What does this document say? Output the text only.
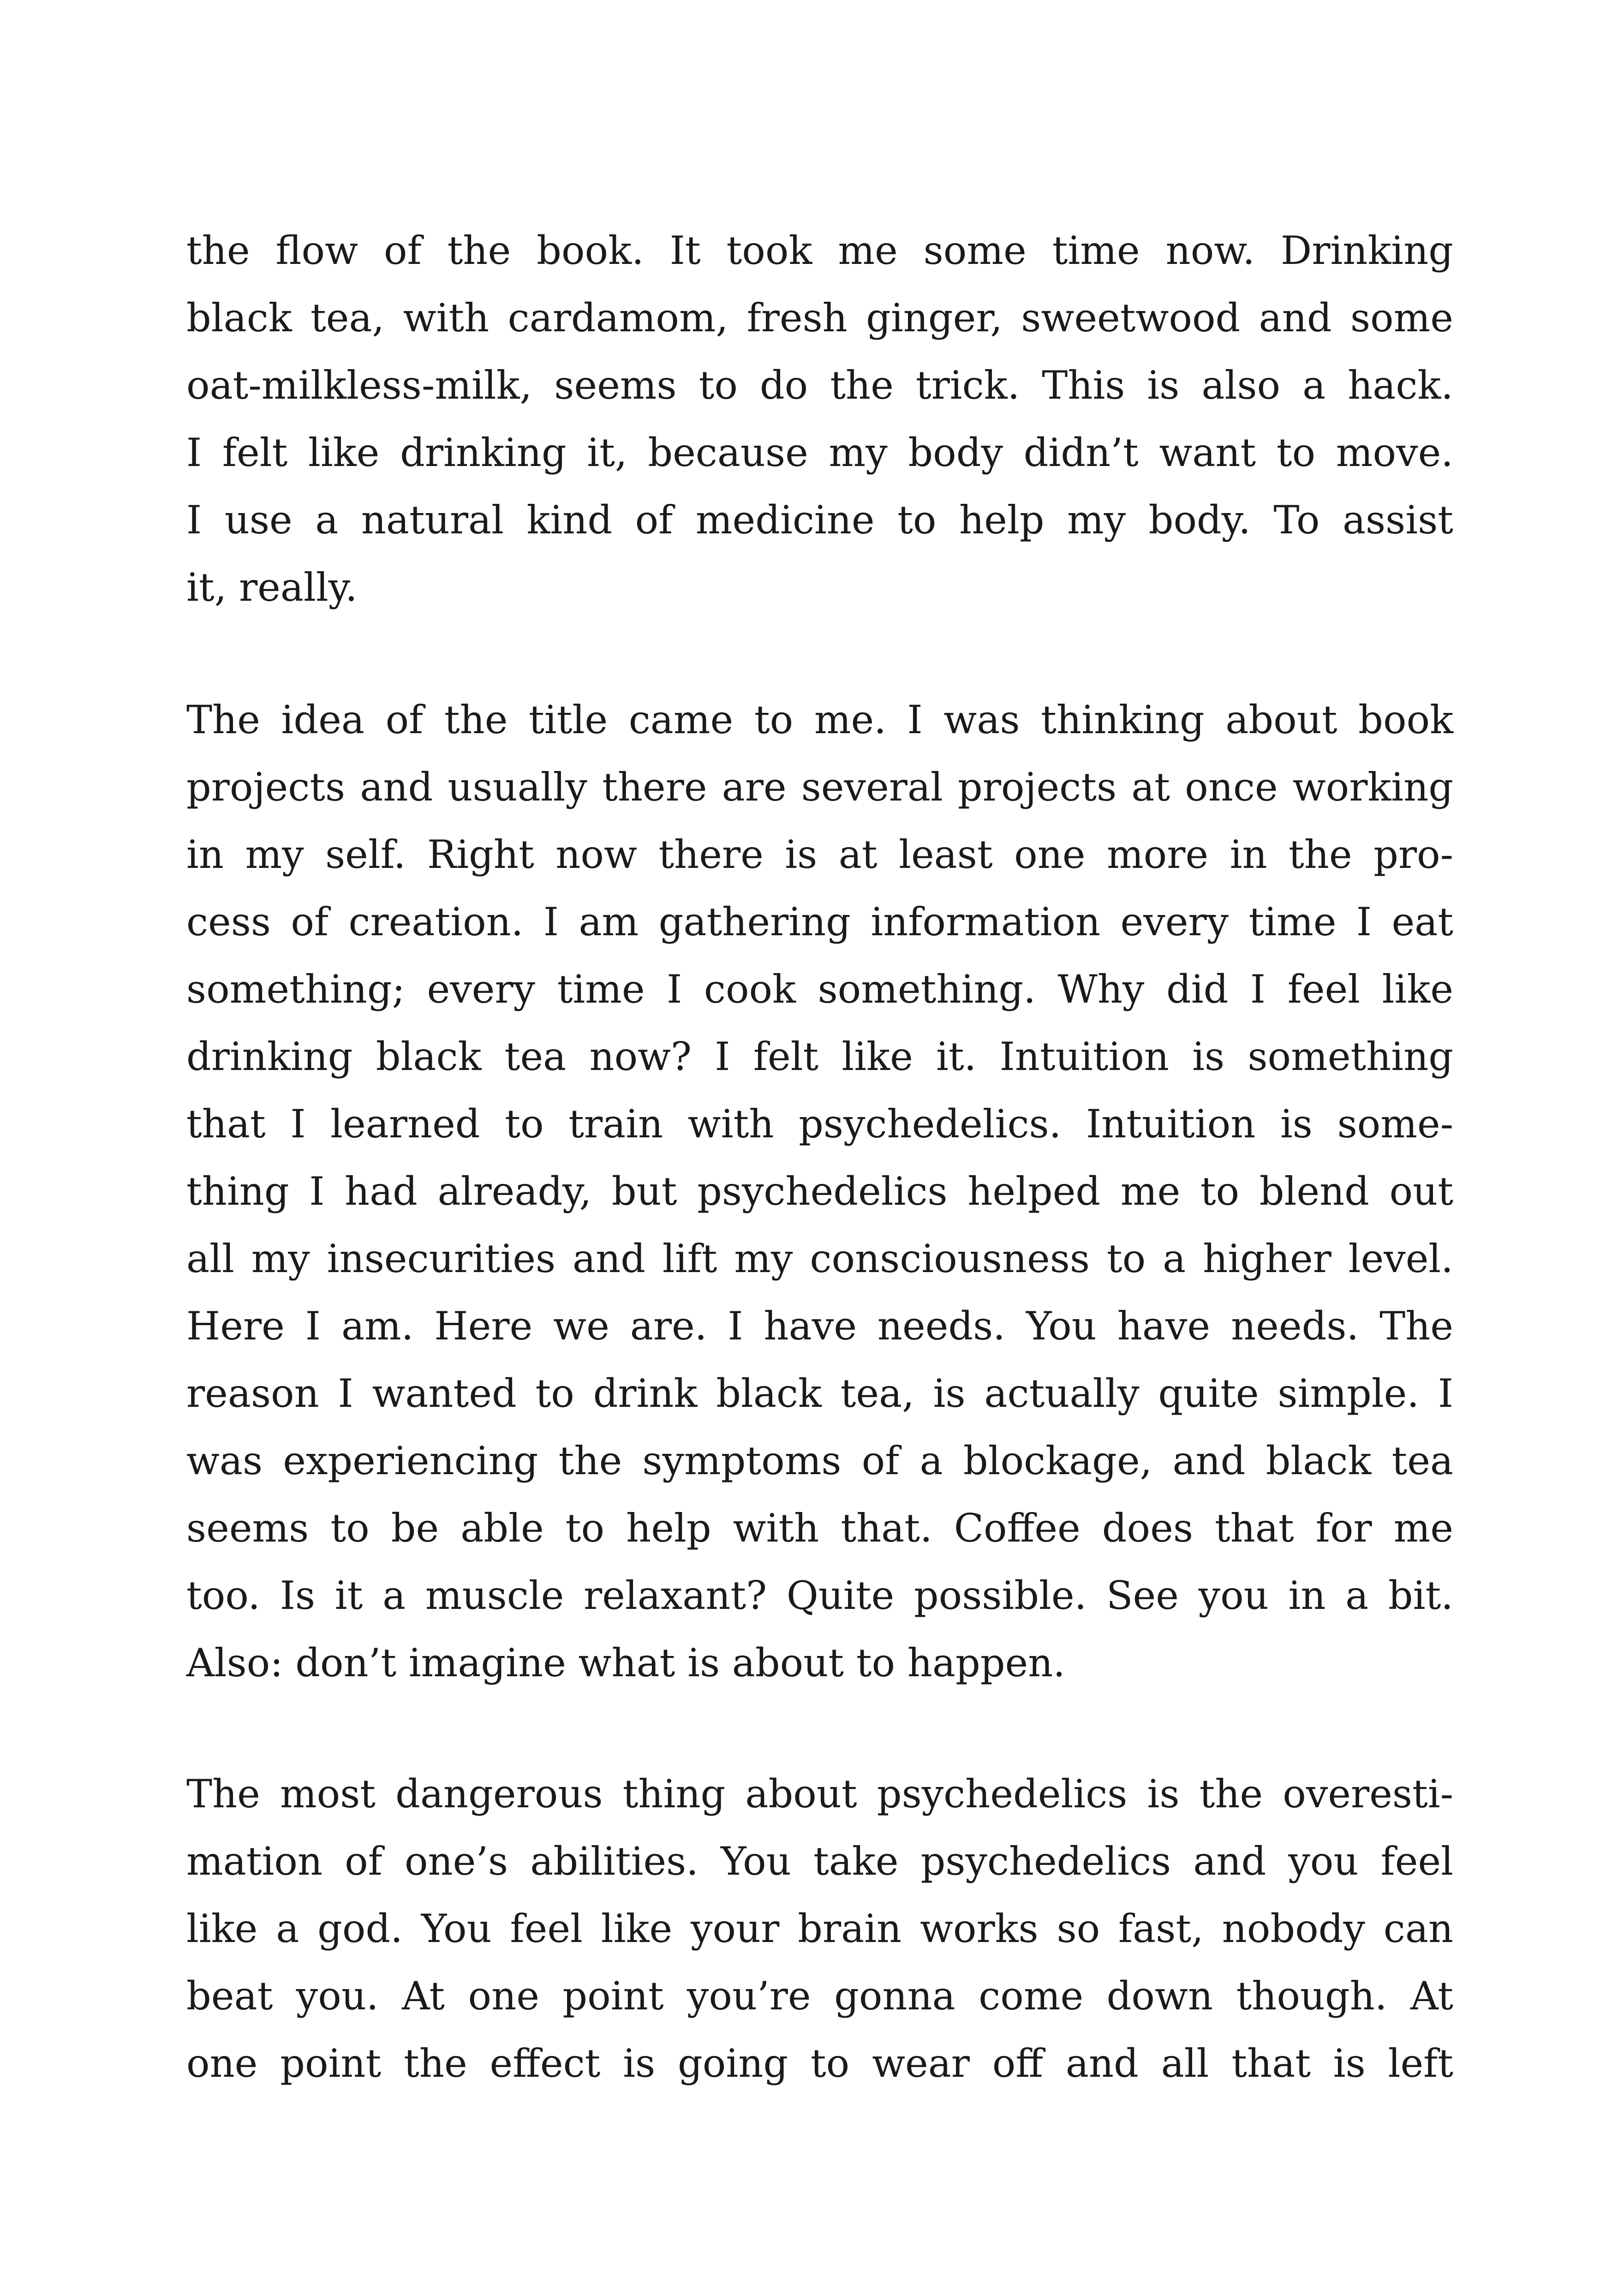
the flow of the book. It took me some time now. Drinking
black tea, with cardamom, fresh ginger, sweetwood and some
oat-milkless-milk, seems to do the trick. This is also a hack.
I felt like drinking it, because my body didn’t want to move.
I use a natural kind of medicine to help my body. To assist
it, really.
The idea of the title came to me. I was thinking about book
projects and usually there are several projects at once working
in my self. Right now there is at least one more in the pro-
cess of creation. I am gathering information every time I eat
something; every time I cook something. Why did I feel like
drinking black tea now? I felt like it. Intuition is something
that I learned to train with psychedelics. Intuition is some-
thing I had already, but psychedelics helped me to blend out
all my insecurities and lift my consciousness to a higher level.
Here I am. Here we are. I have needs. You have needs. The
reason I wanted to drink black tea, is actually quite simple. I
was experiencing the symptoms of a blockage, and black tea
seems to be able to help with that. Coffee does that for me
too. Is it a muscle relaxant? Quite possible. See you in a bit.
Also: don’t imagine what is about to happen.
The most dangerous thing about psychedelics is the overesti-
mation of one’s abilities. You take psychedelics and you feel
like a god. You feel like your brain works so fast, nobody can
beat you. At one point you’re gonna come down though. At
one point the effect is going to wear off and all that is left
